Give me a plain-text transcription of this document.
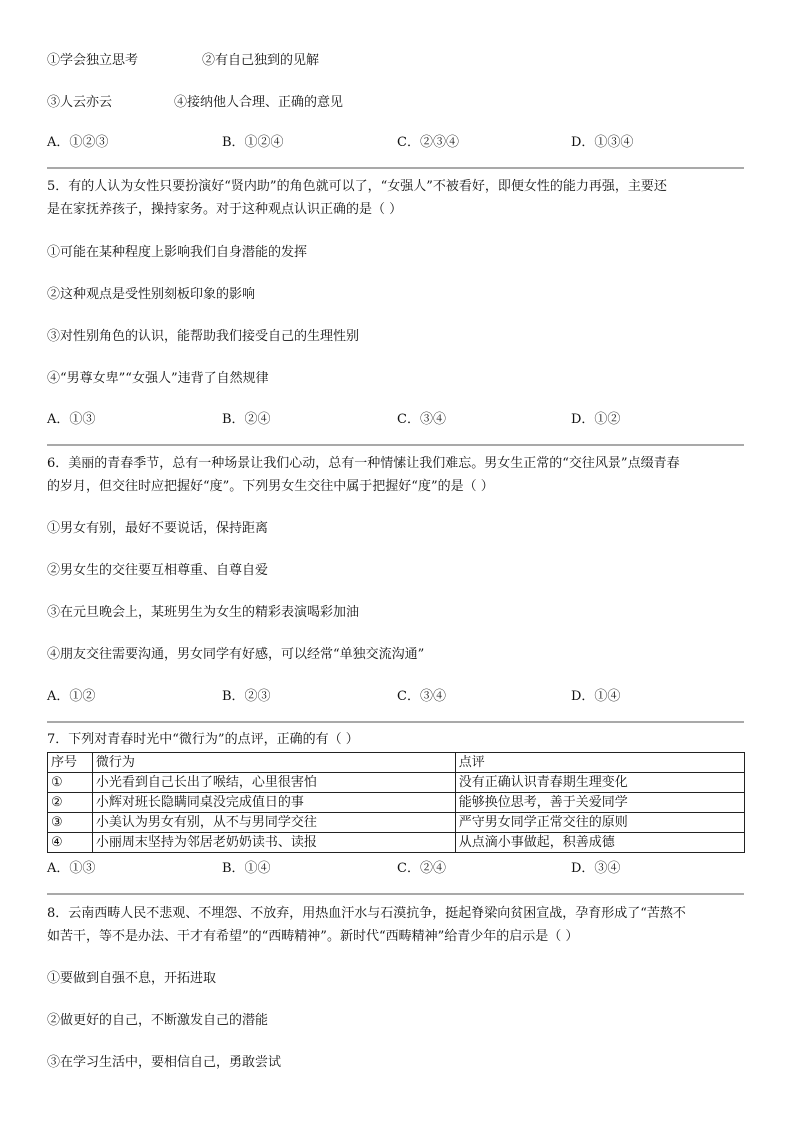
①学会独立思考	②有自己独到的见解
③人云亦云	④接纳他人合理、正确的意见
A．①②③	B．①②④	C．②③④	D．①③④
5．有的人认为女性只要扮演好“贤内助”的角色就可以了，“女强人”不被看好，即便女性的能力再强，主要还
是在家抚养孩子，操持家务。对于这种观点认识正确的是（ ）
①可能在某种程度上影响我们自身潜能的发挥
②这种观点是受性别刻板印象的影响
③对性别角色的认识，能帮助我们接受自己的生理性别
④“男尊女卑”“女强人”违背了自然规律
A．①③	B．②④	C．③④	D．①②
6．美丽的青春季节，总有一种场景让我们心动，总有一种情愫让我们难忘。男女生正常的“交往风景”点缀青春
的岁月，但交往时应把握好“度”。下列男女生交往中属于把握好“度”的是（ ）
①男女有别，最好不要说话，保持距离
②男女生的交往要互相尊重、自尊自爱
③在元旦晚会上，某班男生为女生的精彩表演喝彩加油
④朋友交往需要沟通，男女同学有好感，可以经常“单独交流沟通”
A．①②	B．②③	C．③④	D．①④
7．下列对青春时光中“微行为”的点评，正确的有（ ）
序号	微行为	点评
①	小光看到自己长出了喉结，心里很害怕	没有正确认识青春期生理变化
②	小辉对班长隐瞒同桌没完成值日的事	能够换位思考，善于关爱同学
③	小美认为男女有别，从不与男同学交往	严守男女同学正常交往的原则
④	小丽周末坚持为邻居老奶奶读书、读报	从点滴小事做起，积善成德
A．①③	B．①④	C．②④	D．③④
8．云南西畴人民不悲观、不埋怨、不放弃，用热血汗水与石漠抗争，挺起脊梁向贫困宣战，孕育形成了“苦熬不
如苦干，等不是办法、干才有希望”的“西畴精神”。新时代“西畴精神”给青少年的启示是（ ）
①要做到自强不息，开拓进取
②做更好的自己，不断激发自己的潜能
③在学习生活中，要相信自己，勇敢尝试
